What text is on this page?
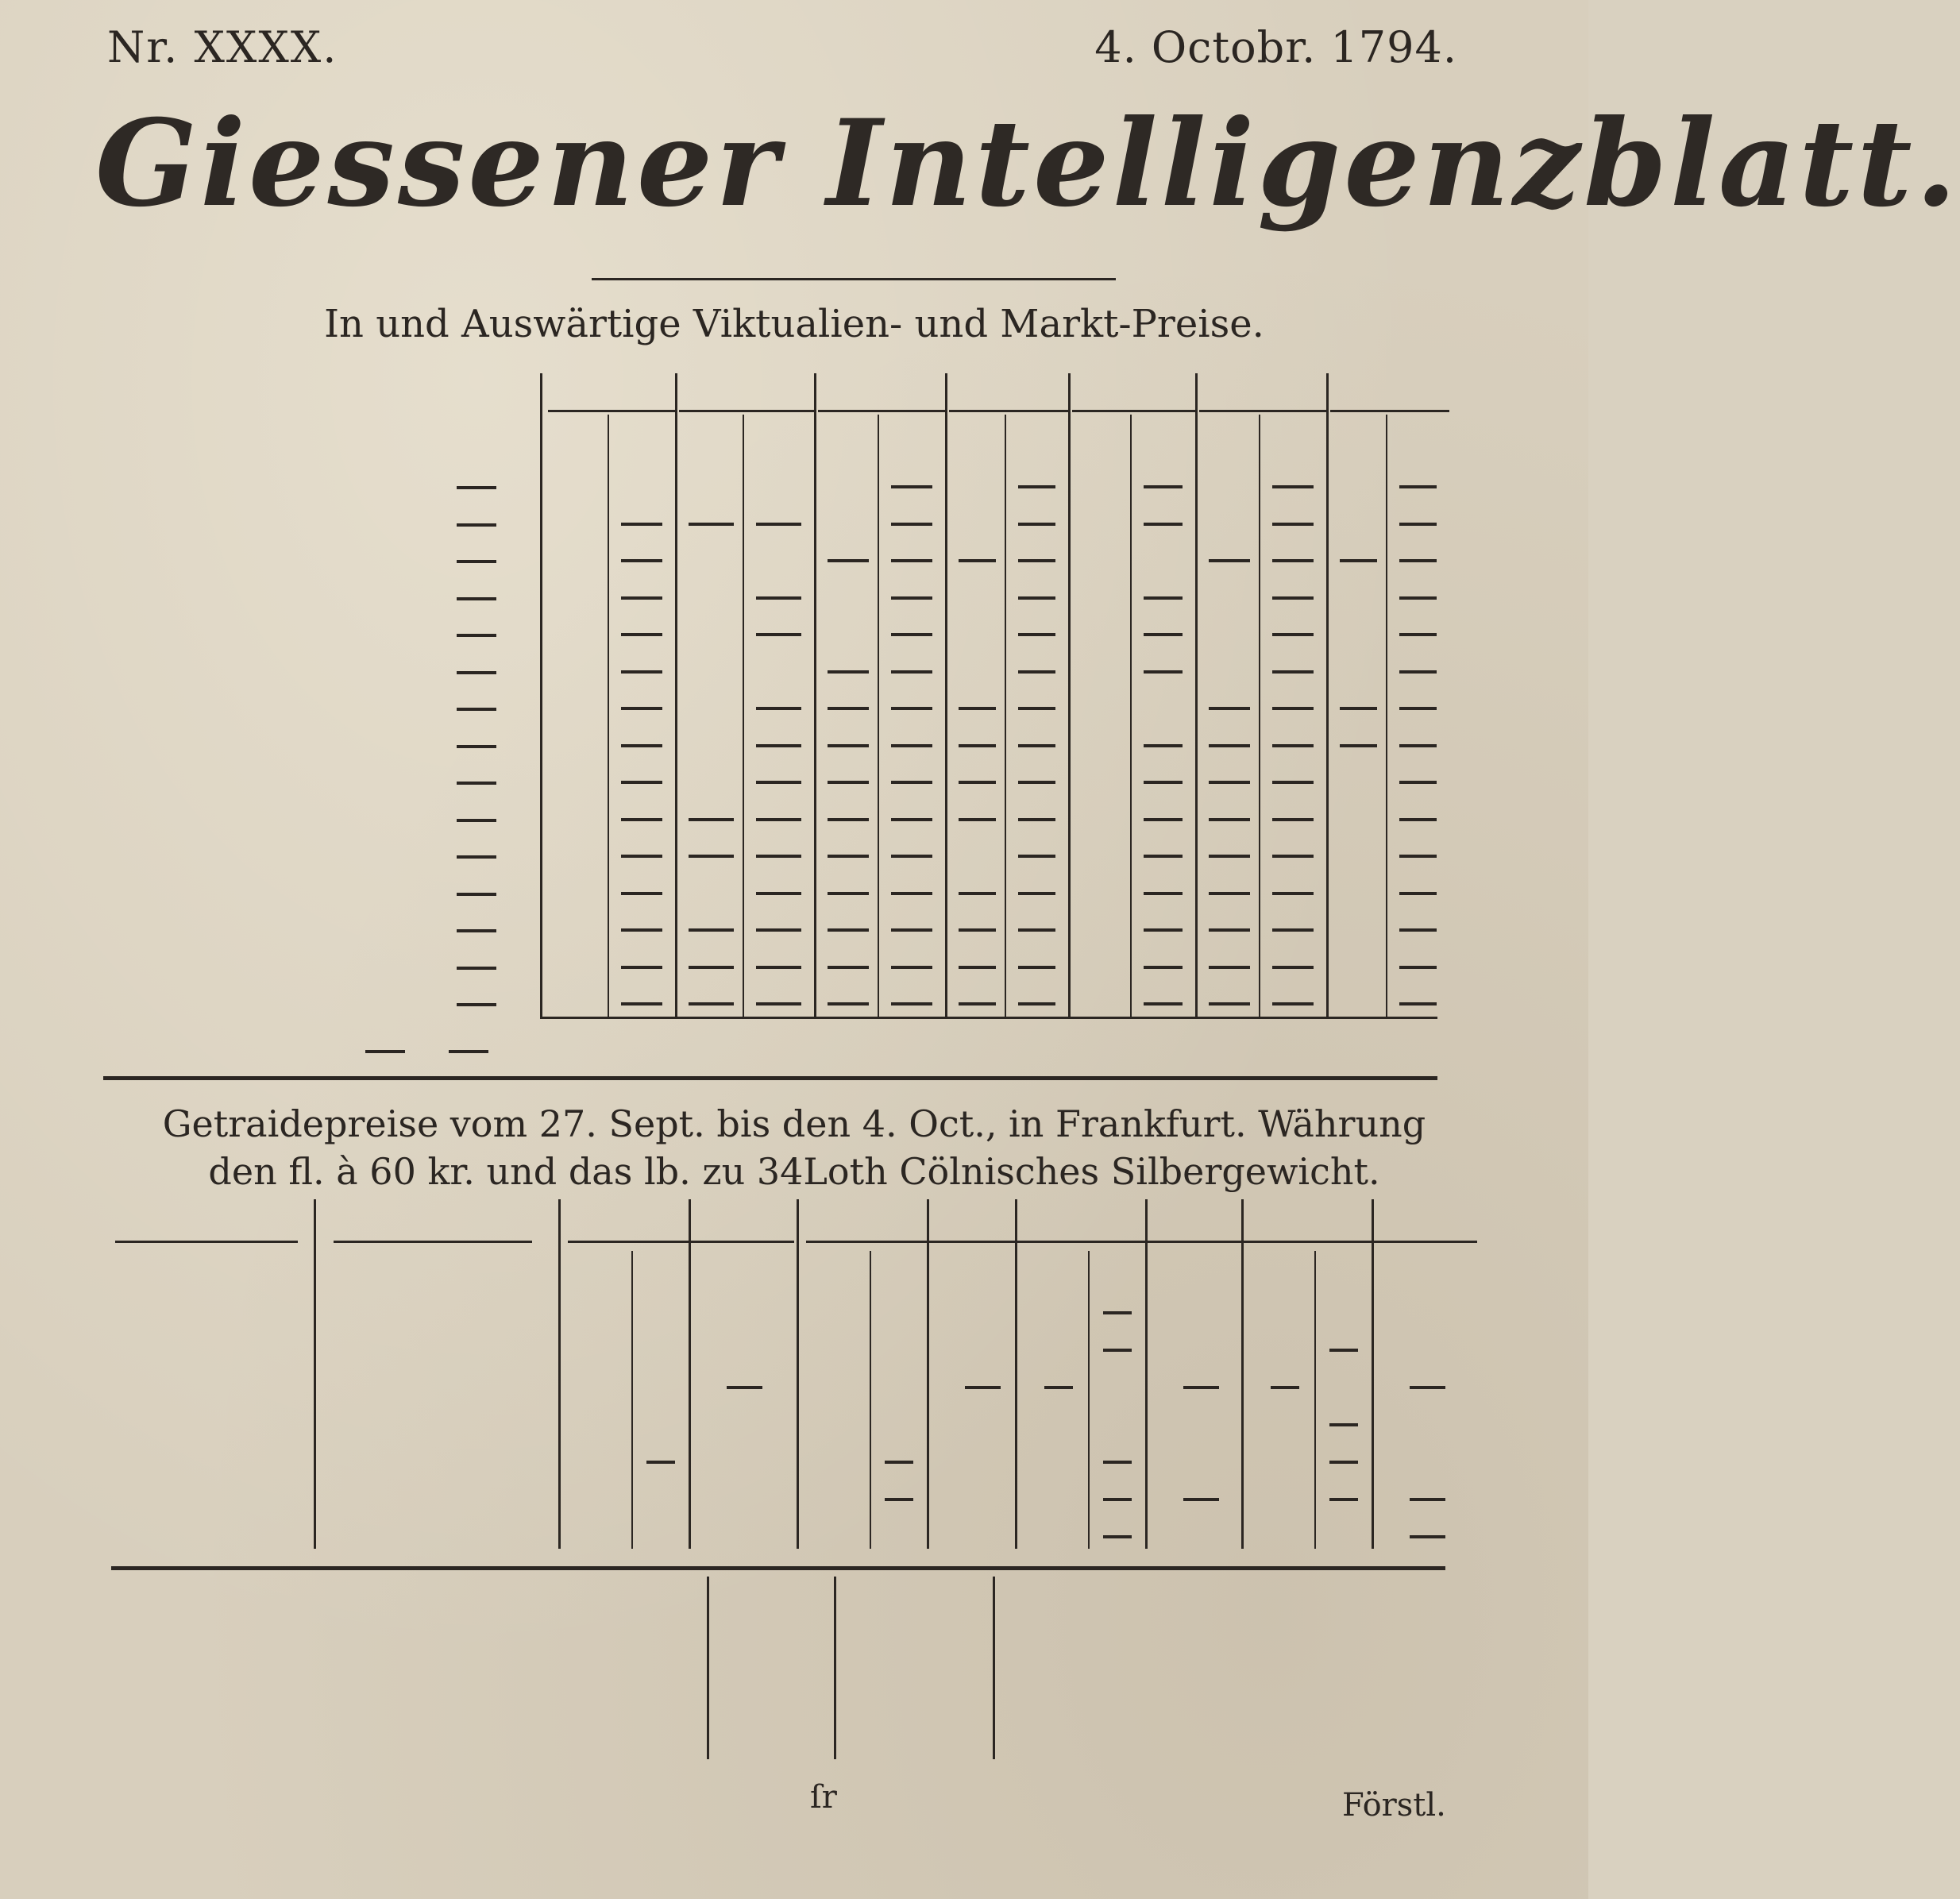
Nr. XXXX.	4. Octobr. 1794.
Giessener Intelligenzblatt.
In und Auswärtige Viktualien- und Markt-Preise.
Getraidepreise vom 27. Sept. bis den 4. Oct., in Frankfurt. Währung
den fl. à 60 kr. und das lb. zu 34Loth Cölnisches Silbergewicht.
ſr	Förstl.
